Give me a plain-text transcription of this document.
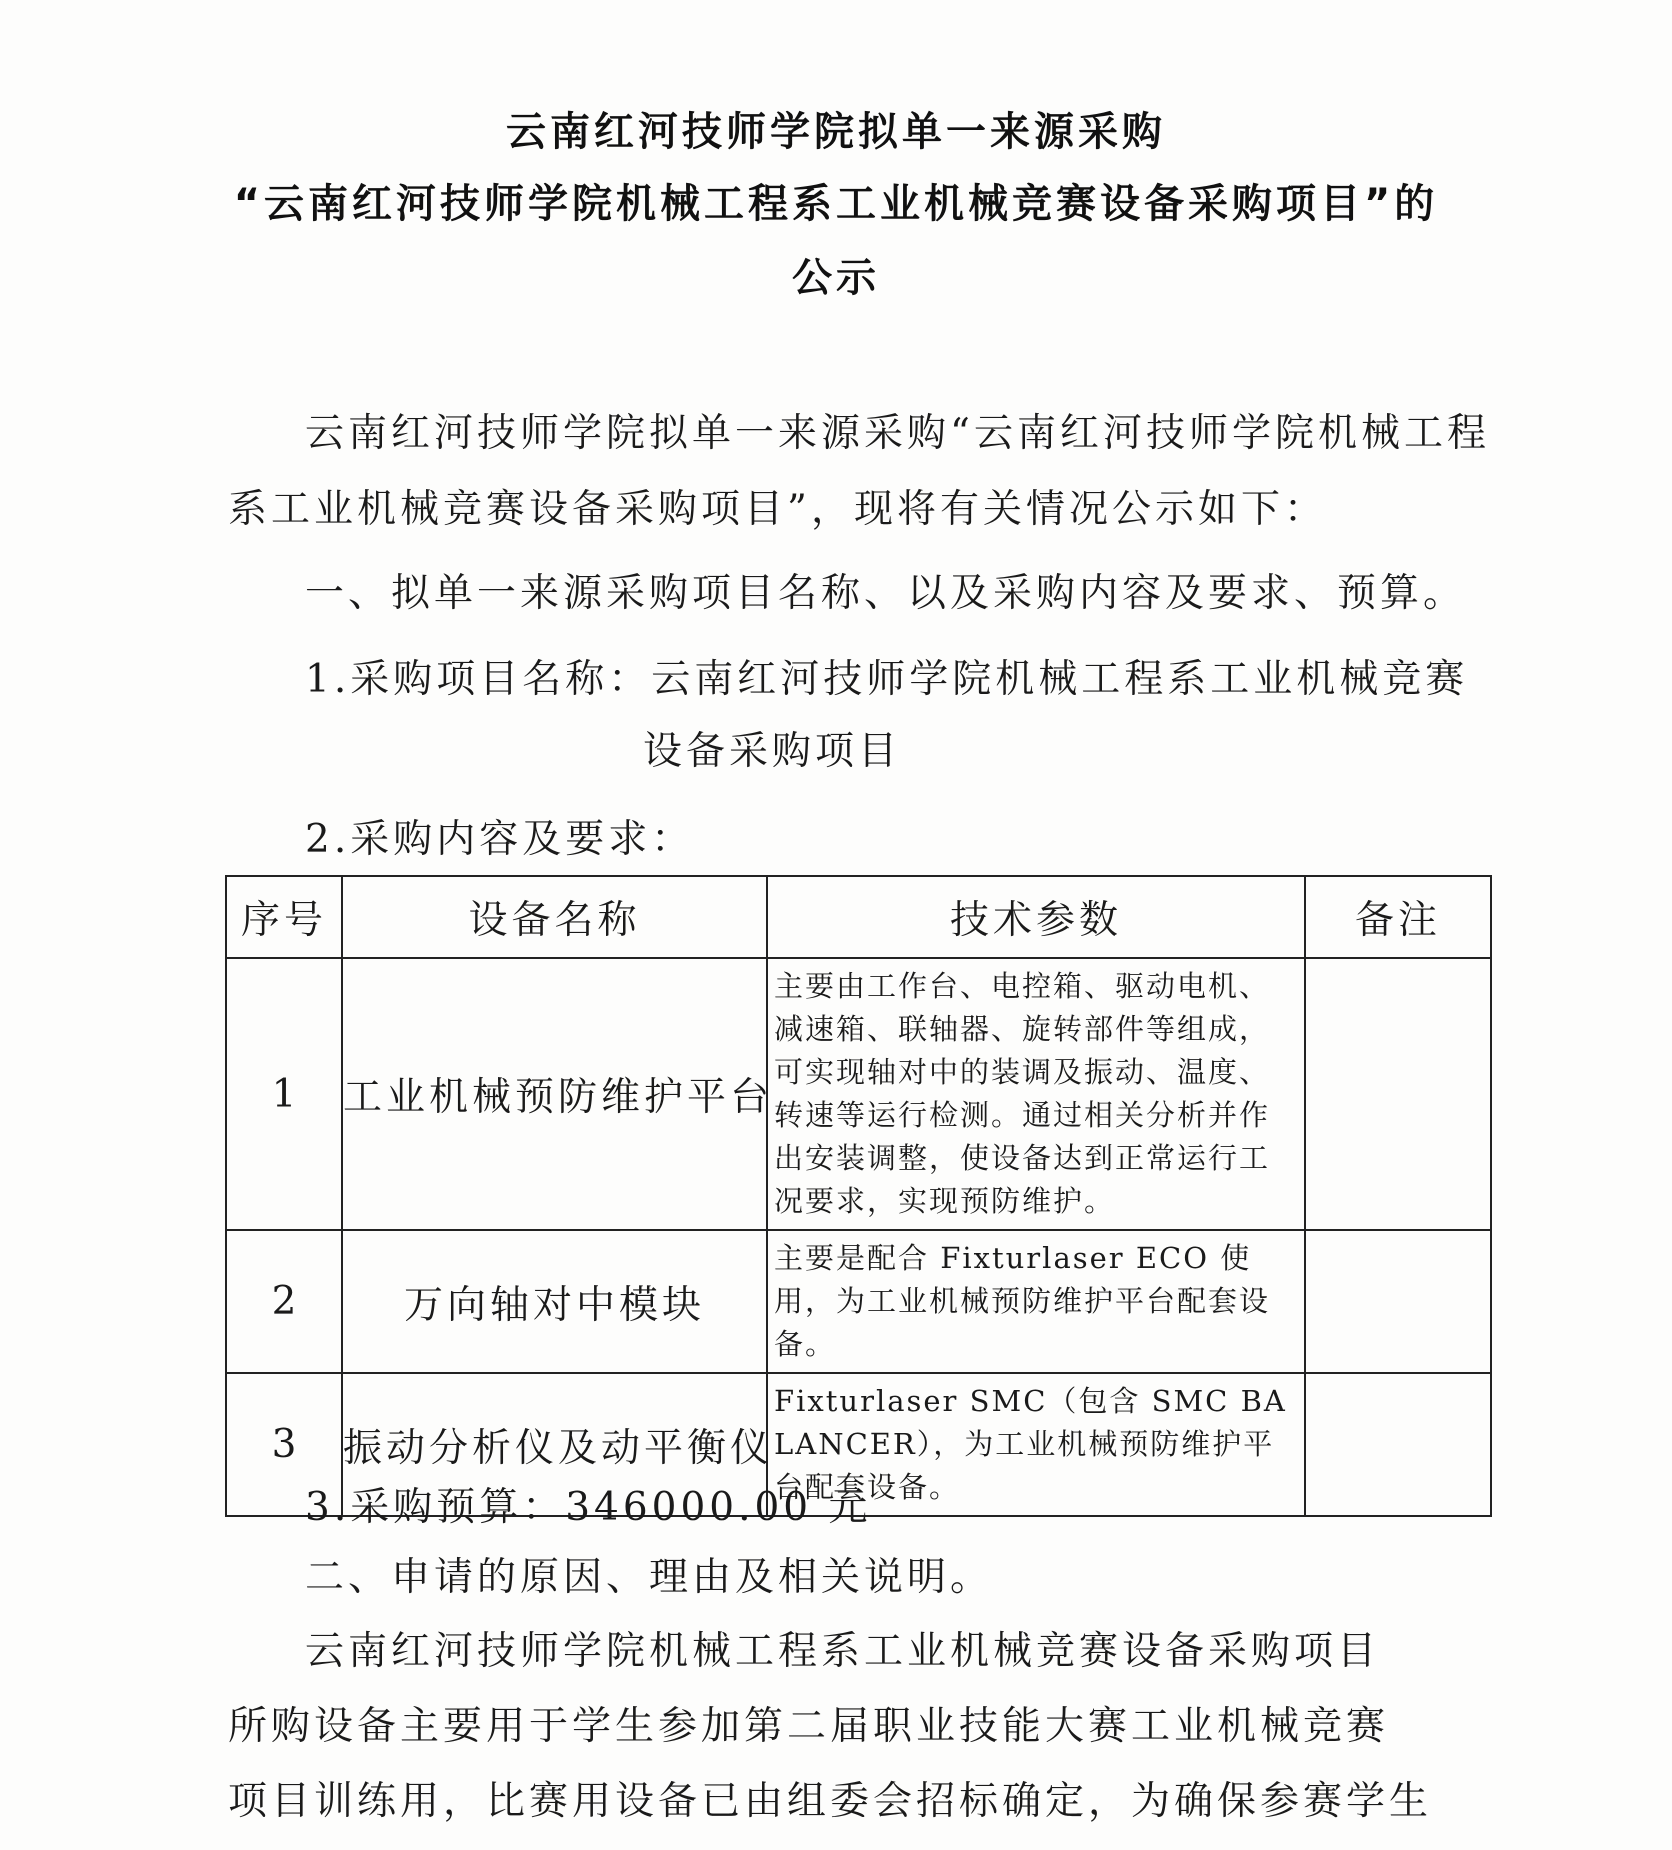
云南红河技师学院拟单一来源采购
“云南红河技师学院机械工程系工业机械竞赛设备采购项目”的
公示
云南红河技师学院拟单一来源采购“云南红河技师学院机械工程
系工业机械竞赛设备采购项目”，现将有关情况公示如下：
一、拟单一来源采购项目名称、以及采购内容及要求、预算。
1.采购项目名称：云南红河技师学院机械工程系工业机械竞赛
设备采购项目
2.采购内容及要求：
序号	设备名称	技术参数	备注
1	工业机械预防维护平台	主要由工作台、电控箱、驱动电机、减速箱、联轴器、旋转部件等组成，可实现轴对中的装调及振动、温度、转速等运行检测。通过相关分析并作出安装调整，使设备达到正常运行工况要求，实现预防维护。	
2	万向轴对中模块	主要是配合 Fixturlaser ECO 使用，为工业机械预防维护平台配套设备。	
3	振动分析仪及动平衡仪	Fixturlaser SMC（包含 SMC BALANCER），为工业机械预防维护平台配套设备。	
3.采购预算：346000.00 元
二、申请的原因、理由及相关说明。
云南红河技师学院机械工程系工业机械竞赛设备采购项目
所购设备主要用于学生参加第二届职业技能大赛工业机械竞赛
项目训练用，比赛用设备已由组委会招标确定，为确保参赛学生
